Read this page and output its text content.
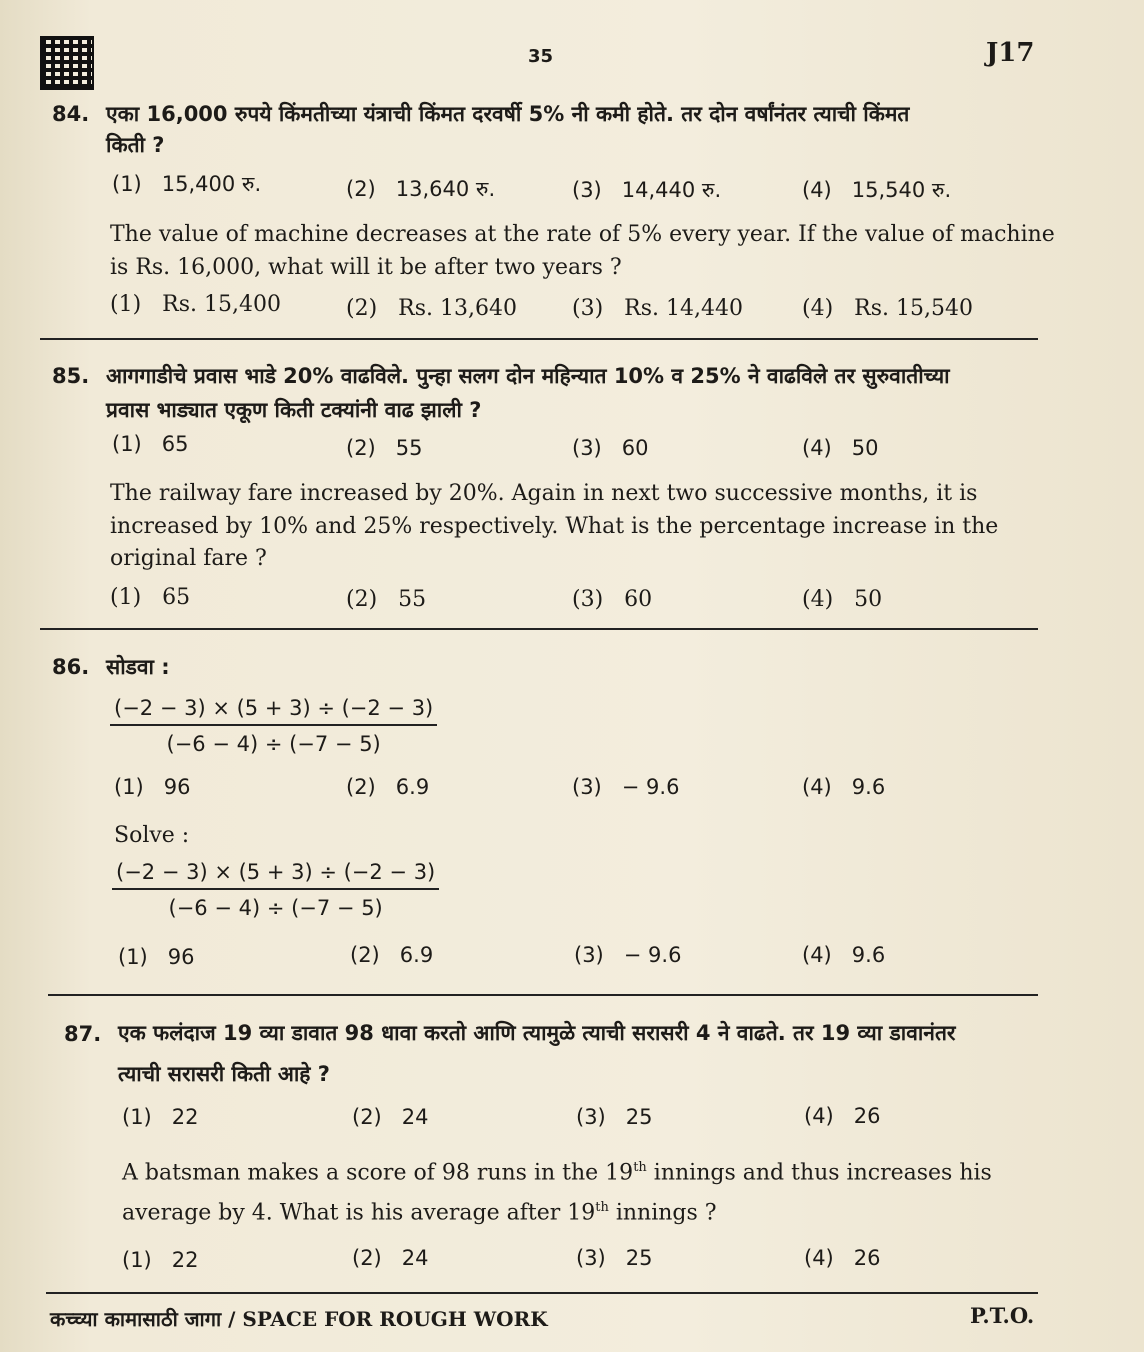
35	J17
84. एका 16,000 रुपये किंमतीच्या यंत्राची किंमत दरवर्षी 5% नी कमी होते. तर दोन वर्षांनंतर त्याची किंमत
किती ?
(1) 15,400 रु.	(2) 13,640 रु.	(3) 14,440 रु.	(4) 15,540 रु.
The value of machine decreases at the rate of 5% every year. If the value of machine
is Rs. 16,000, what will it be after two years ?
(1) Rs. 15,400	(2) Rs. 13,640	(3) Rs. 14,440	(4) Rs. 15,540
85. आगगाडीचे प्रवास भाडे 20% वाढविले. पुन्हा सलग दोन महिन्यात 10% व 25% ने वाढविले तर सुरुवातीच्या
प्रवास भाड्यात एकूण किती टक्यांनी वाढ झाली ?
(1) 65	(2) 55	(3) 60	(4) 50
The railway fare increased by 20%. Again in next two successive months, it is
increased by 10% and 25% respectively. What is the percentage increase in the
original fare ?
(1) 65	(2) 55	(3) 60	(4) 50
86. सोडवा :
$\frac{(-2 - 3) \times (5 + 3) \div (-2 - 3)}{(-6 - 4) \div (-7 - 5)}$
(1) 96	(2) 6.9	(3) − 9.6	(4) 9.6
Solve :
$\frac{(-2 - 3) \times (5 + 3) \div (-2 - 3)}{(-6 - 4) \div (-7 - 5)}$
(1) 96	(2) 6.9	(3) − 9.6	(4) 9.6
87. एक फलंदाज 19 व्या डावात 98 धावा करतो आणि त्यामुळे त्याची सरासरी 4 ने वाढते. तर 19 व्या डावानंतर
त्याची सरासरी किती आहे ?
(1) 22	(2) 24	(3) 25	(4) 26
A batsman makes a score of 98 runs in the 19th innings and thus increases his
average by 4. What is his average after 19th innings ?
(1) 22	(2) 24	(3) 25	(4) 26
कच्च्या कामासाठी जागा / SPACE FOR ROUGH WORK	P.T.O.
